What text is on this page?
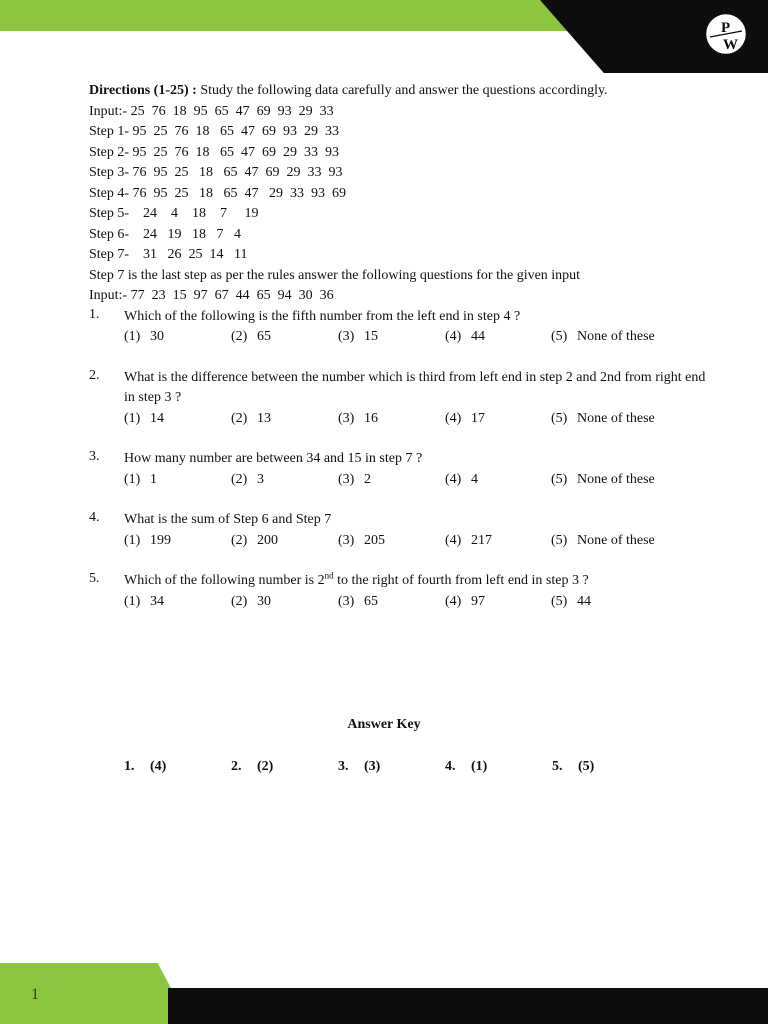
P
W
Directions (1-25) : Study the following data carefully and answer the questions accordingly.
Input:- 25  76  18  95  65  47  69  93  29  33
Step 1- 95  25  76  18   65  47  69  93  29  33
Step 2- 95  25  76  18   65  47  69  29  33  93
Step 3- 76  95  25   18   65  47  69  29  33  93
Step 4- 76  95  25   18   65  47   29  33  93  69
Step 5-    24    4    18    7     19
Step 6-    24   19   18   7   4
Step 7-    31   26  25  14   11
Step 7 is the last step as per the rules answer the following questions for the given input
Input:- 77  23  15  97  67  44  65  94  30  36
1.	Which of the following is the fifth number from the left end in step 4 ?
(1) 30	(2) 65	(3) 15	(4) 44	(5) None of these
2.	What is the difference between the number which is third from left end in step 2 and 2nd from right end in step 3 ?
(1) 14	(2) 13	(3) 16	(4) 17	(5) None of these
3.	How many number are between 34 and 15 in step 7 ?
(1) 1	(2) 3	(3) 2	(4) 4	(5) None of these
4.	What is the sum of Step 6 and Step 7
(1) 199	(2) 200	(3) 205	(4) 217	(5) None of these
5.	Which of the following number is 2nd to the right of fourth from left end in step 3 ?
(1) 34	(2) 30	(3) 65	(4) 97	(5) 44
Answer Key
1. (4)	2. (2)	3. (3)	4. (1)	5. (5)
1
